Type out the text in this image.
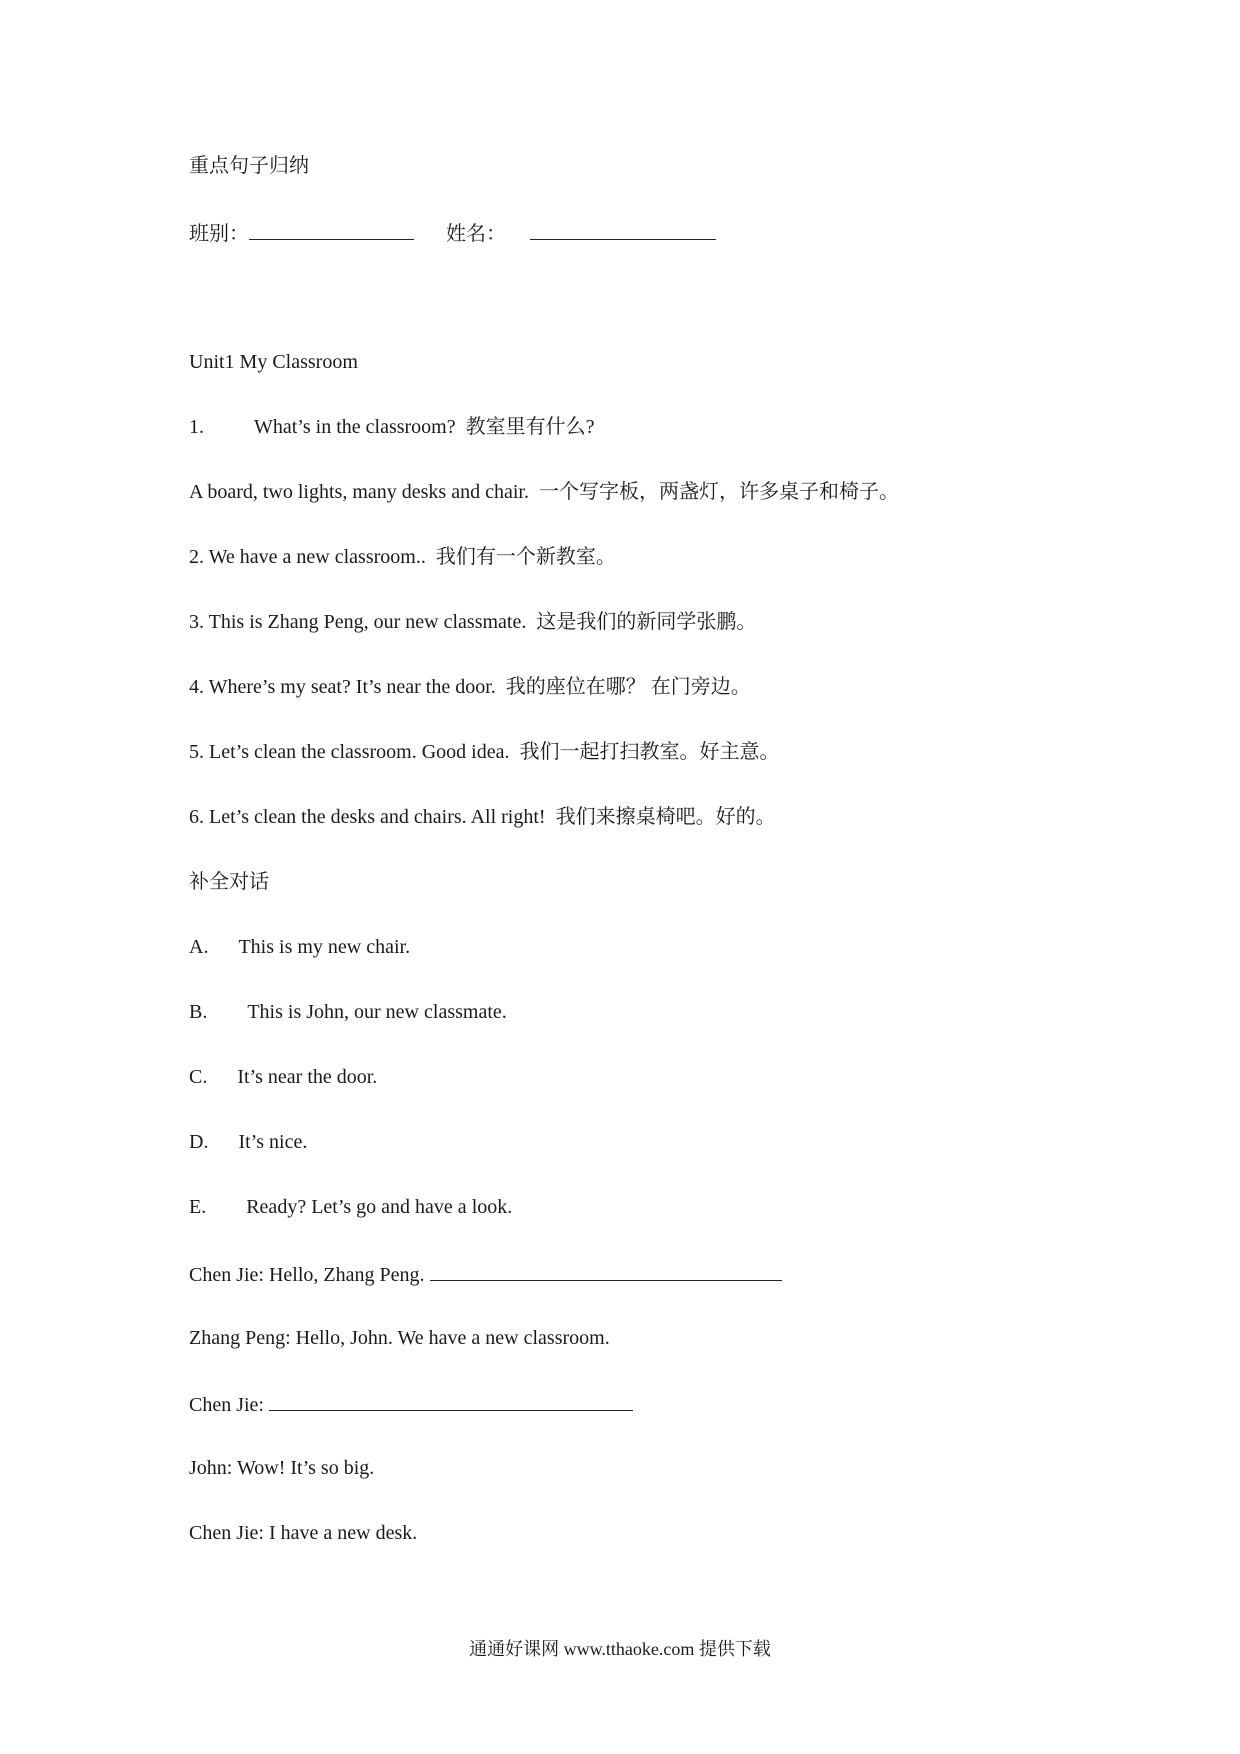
重点句子归纳
班别：	姓名：
Unit1 My Classroom
1.	What’s in the classroom? 教室里有什么?
A board, two lights, many desks and chair. 一个写字板，两盏灯，许多桌子和椅子。
2. We have a new classroom.. 我们有一个新教室。
3. This is Zhang Peng, our new classmate. 这是我们的新同学张鹏。
4. Where’s my seat? It’s near the door. 我的座位在哪？ 在门旁边。
5. Let’s clean the classroom. Good idea. 我们一起打扫教室。好主意。
6. Let’s clean the desks and chairs. All right! 我们来擦桌椅吧。好的。
补全对话
A. This is my new chair.
B. This is John, our new classmate.
C. It’s near the door.
D. It’s nice.
E. Ready? Let’s go and have a look.
Chen Jie: Hello, Zhang Peng.
Zhang Peng: Hello, John. We have a new classroom.
Chen Jie:
John: Wow! It’s so big.
Chen Jie: I have a new desk.
通通好课网 www.tthaoke.com 提供下载
